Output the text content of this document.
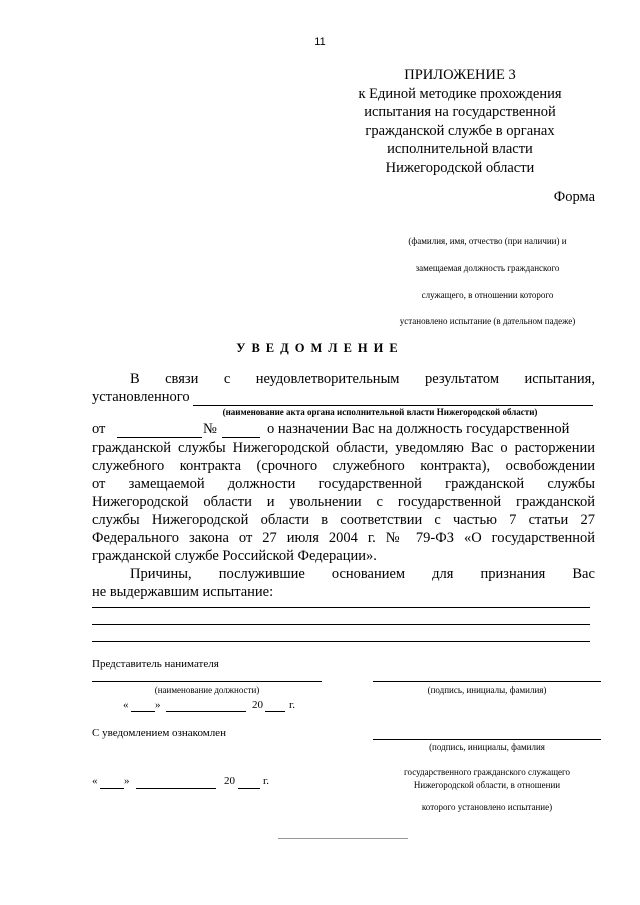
11
ПРИЛОЖЕНИЕ 3
к Единой методике прохождения
испытания на государственной
гражданской службе в органах
исполнительной власти
Нижегородской области
Форма
(фамилия, имя, отчество (при наличии) и
замещаемая должность гражданского
служащего, в отношении которого
установлено испытание (в дательном падеже)
УВЕДОМЛЕНИЕ
В связи с неудовлетворительным результатом испытания,
установленного
(наименование акта органа исполнительной власти Нижегородской области)
от	№	о назначении Вас на должность государственной
гражданской службы Нижегородской области, уведомляю Вас о расторжении
служебного контракта (срочного служебного контракта), освобождении
от замещаемой должности государственной гражданской службы
Нижегородской области и увольнении с государственной гражданской
службы Нижегородской области в соответствии с частью 7 статьи 27
Федерального закона от 27 июля 2004 г. № 79-ФЗ «О государственной
гражданской службе Российской Федерации».
Причины, послужившие основанием для признания Вас
не выдержавшим испытание:
Представитель нанимателя
(наименование должности)	(подпись, инициалы, фамилия)
« »	20 г.
С уведомлением ознакомлен
(подпись, инициалы, фамилия
государственного гражданского служащего
Нижегородской области, в отношении
которого установлено испытание)
« »	20	г.
